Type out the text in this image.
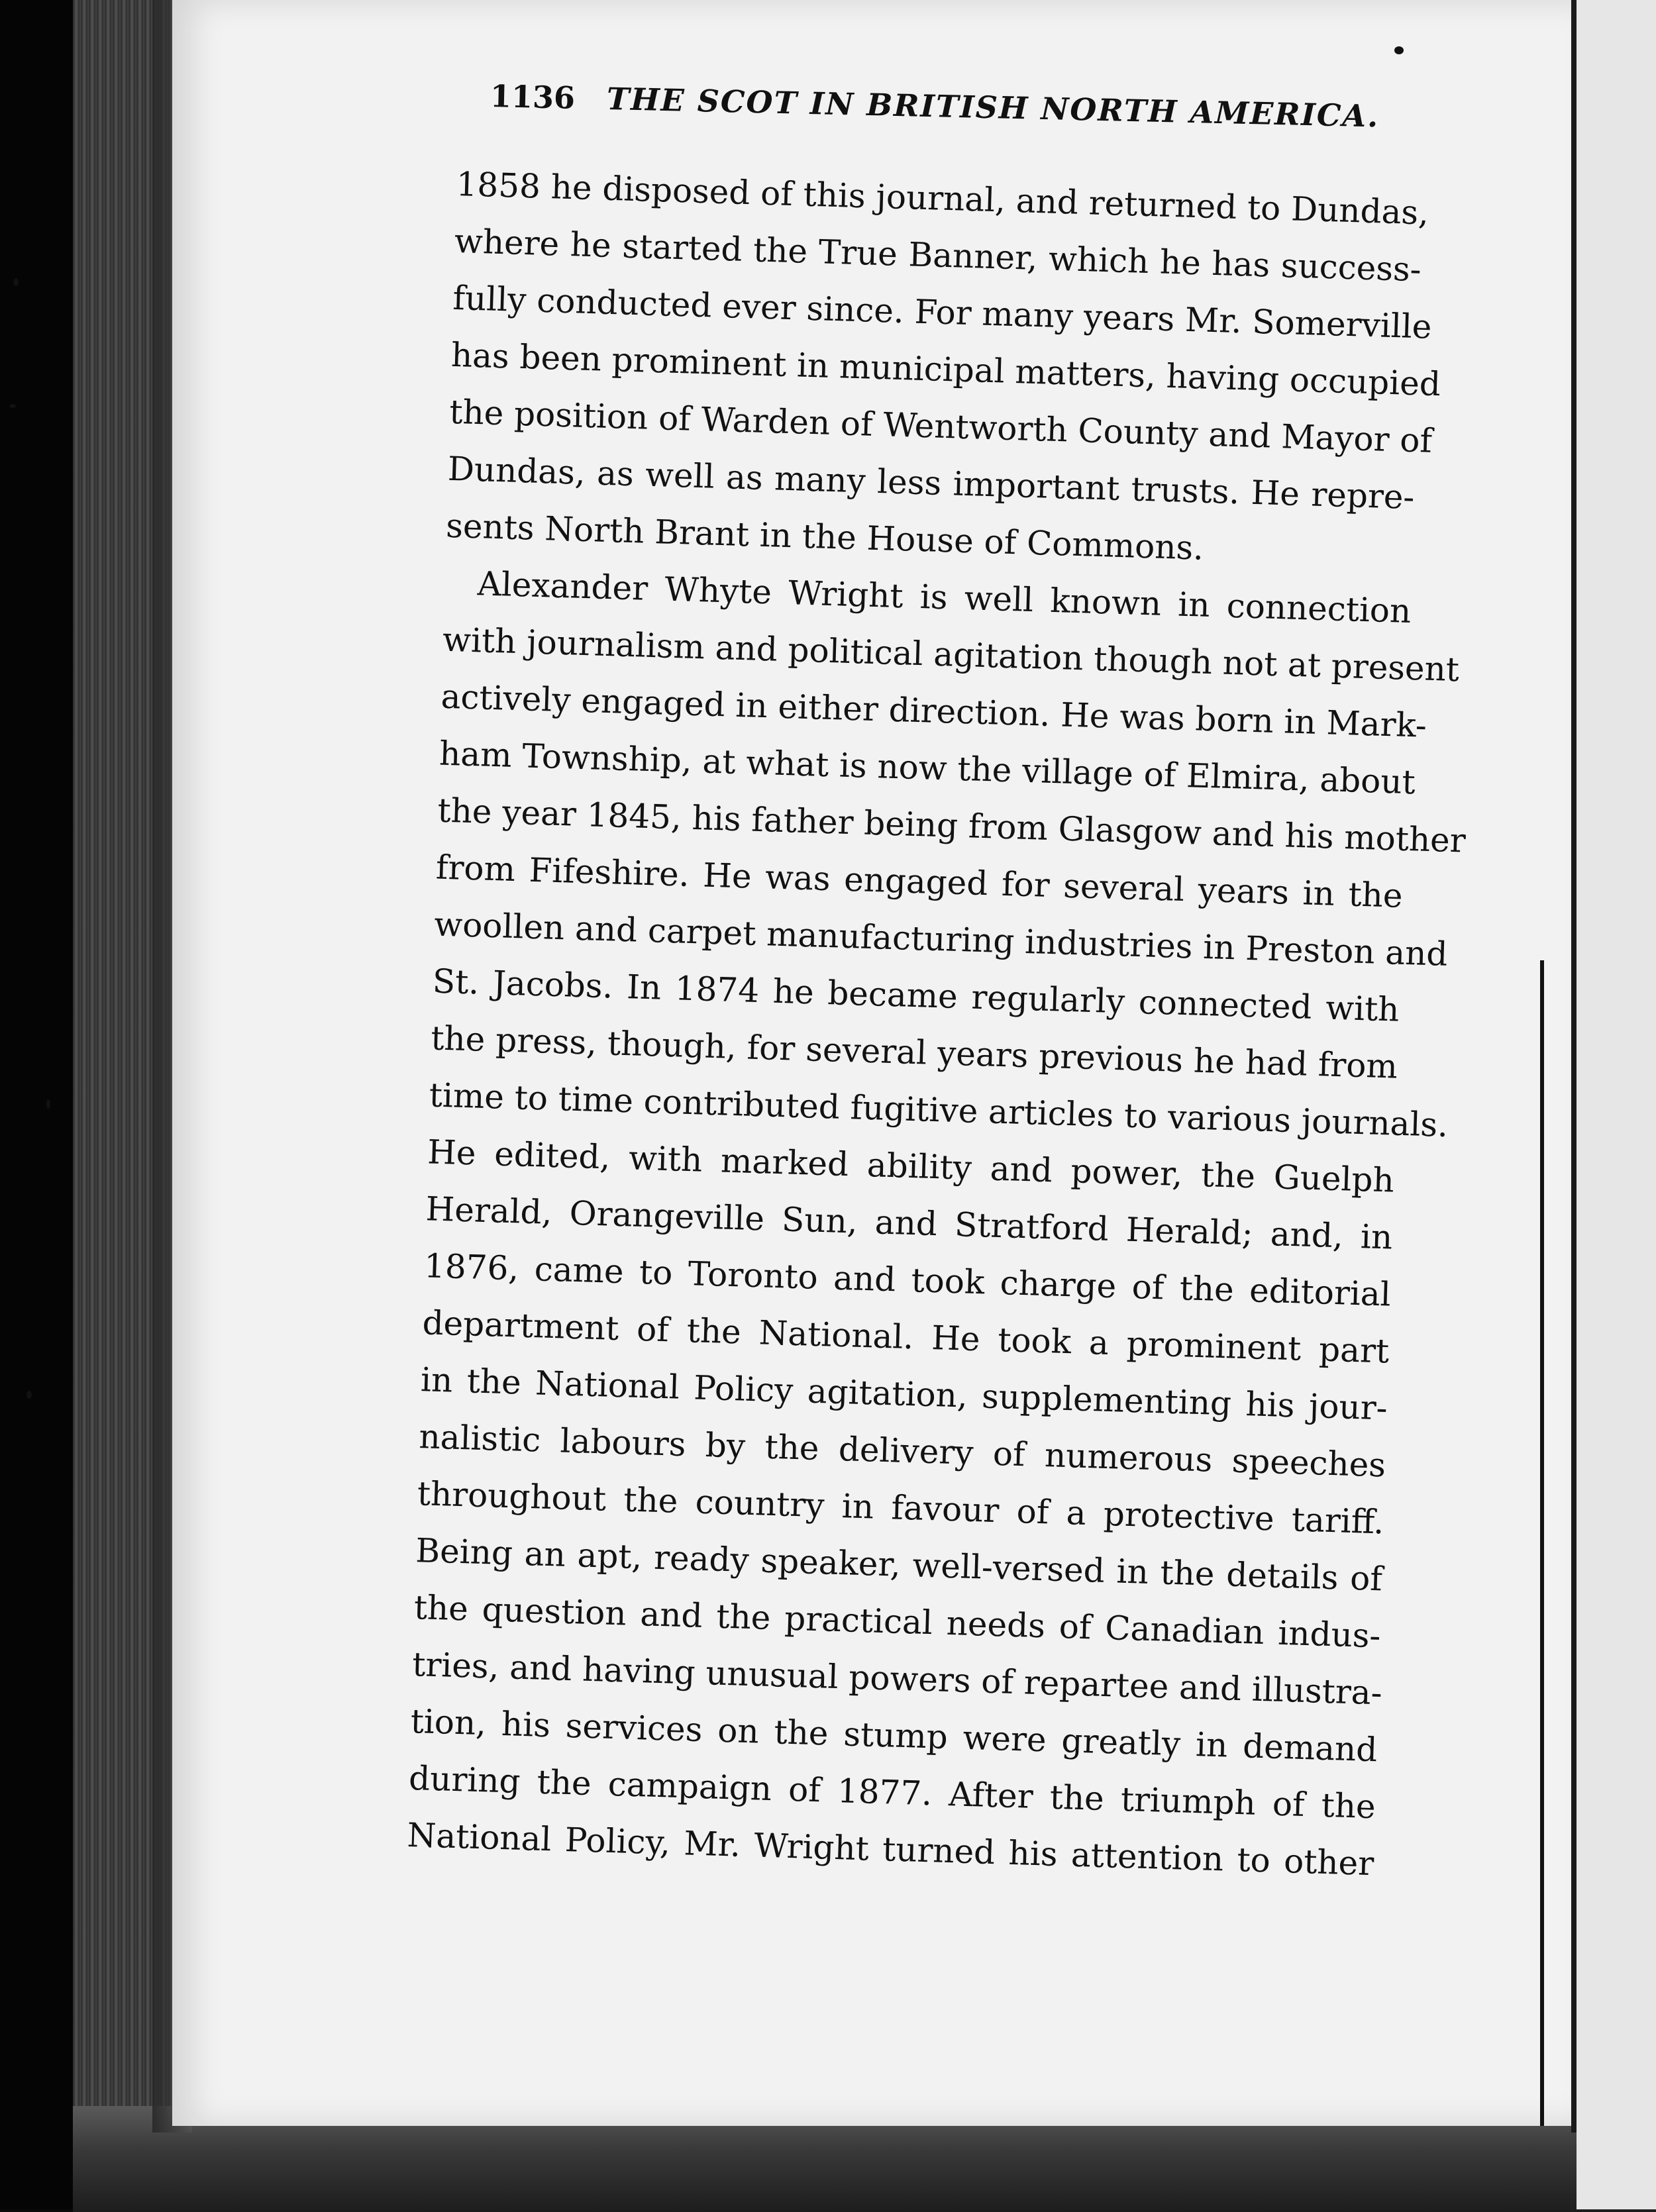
1136 THE SCOT IN BRITISH NORTH AMERICA.
1858 he disposed of this journal, and returned to Dundas,
where he started the True Banner, which he has success-
fully conducted ever since. For many years Mr. Somerville
has been prominent in municipal matters, having occupied
the position of Warden of Wentworth County and Mayor of
Dundas, as well as many less important trusts. He repre-
sents North Brant in the House of Commons.
Alexander Whyte Wright is well known in connection
with journalism and political agitation though not at present
actively engaged in either direction. He was born in Mark-
ham Township, at what is now the village of Elmira, about
the year 1845, his father being from Glasgow and his mother
from Fifeshire. He was engaged for several years in the
woollen and carpet manufacturing industries in Preston and
St. Jacobs. In 1874 he became regularly connected with
the press, though, for several years previous he had from
time to time contributed fugitive articles to various journals.
He edited, with marked ability and power, the Guelph
Herald, Orangeville Sun, and Stratford Herald; and, in
1876, came to Toronto and took charge of the editorial
department of the National. He took a prominent part
in the National Policy agitation, supplementing his jour-
nalistic labours by the delivery of numerous speeches
throughout the country in favour of a protective tariff.
Being an apt, ready speaker, well-versed in the details of
the question and the practical needs of Canadian indus-
tries, and having unusual powers of repartee and illustra-
tion, his services on the stump were greatly in demand
during the campaign of 1877. After the triumph of the
National Policy, Mr. Wright turned his attention to other
